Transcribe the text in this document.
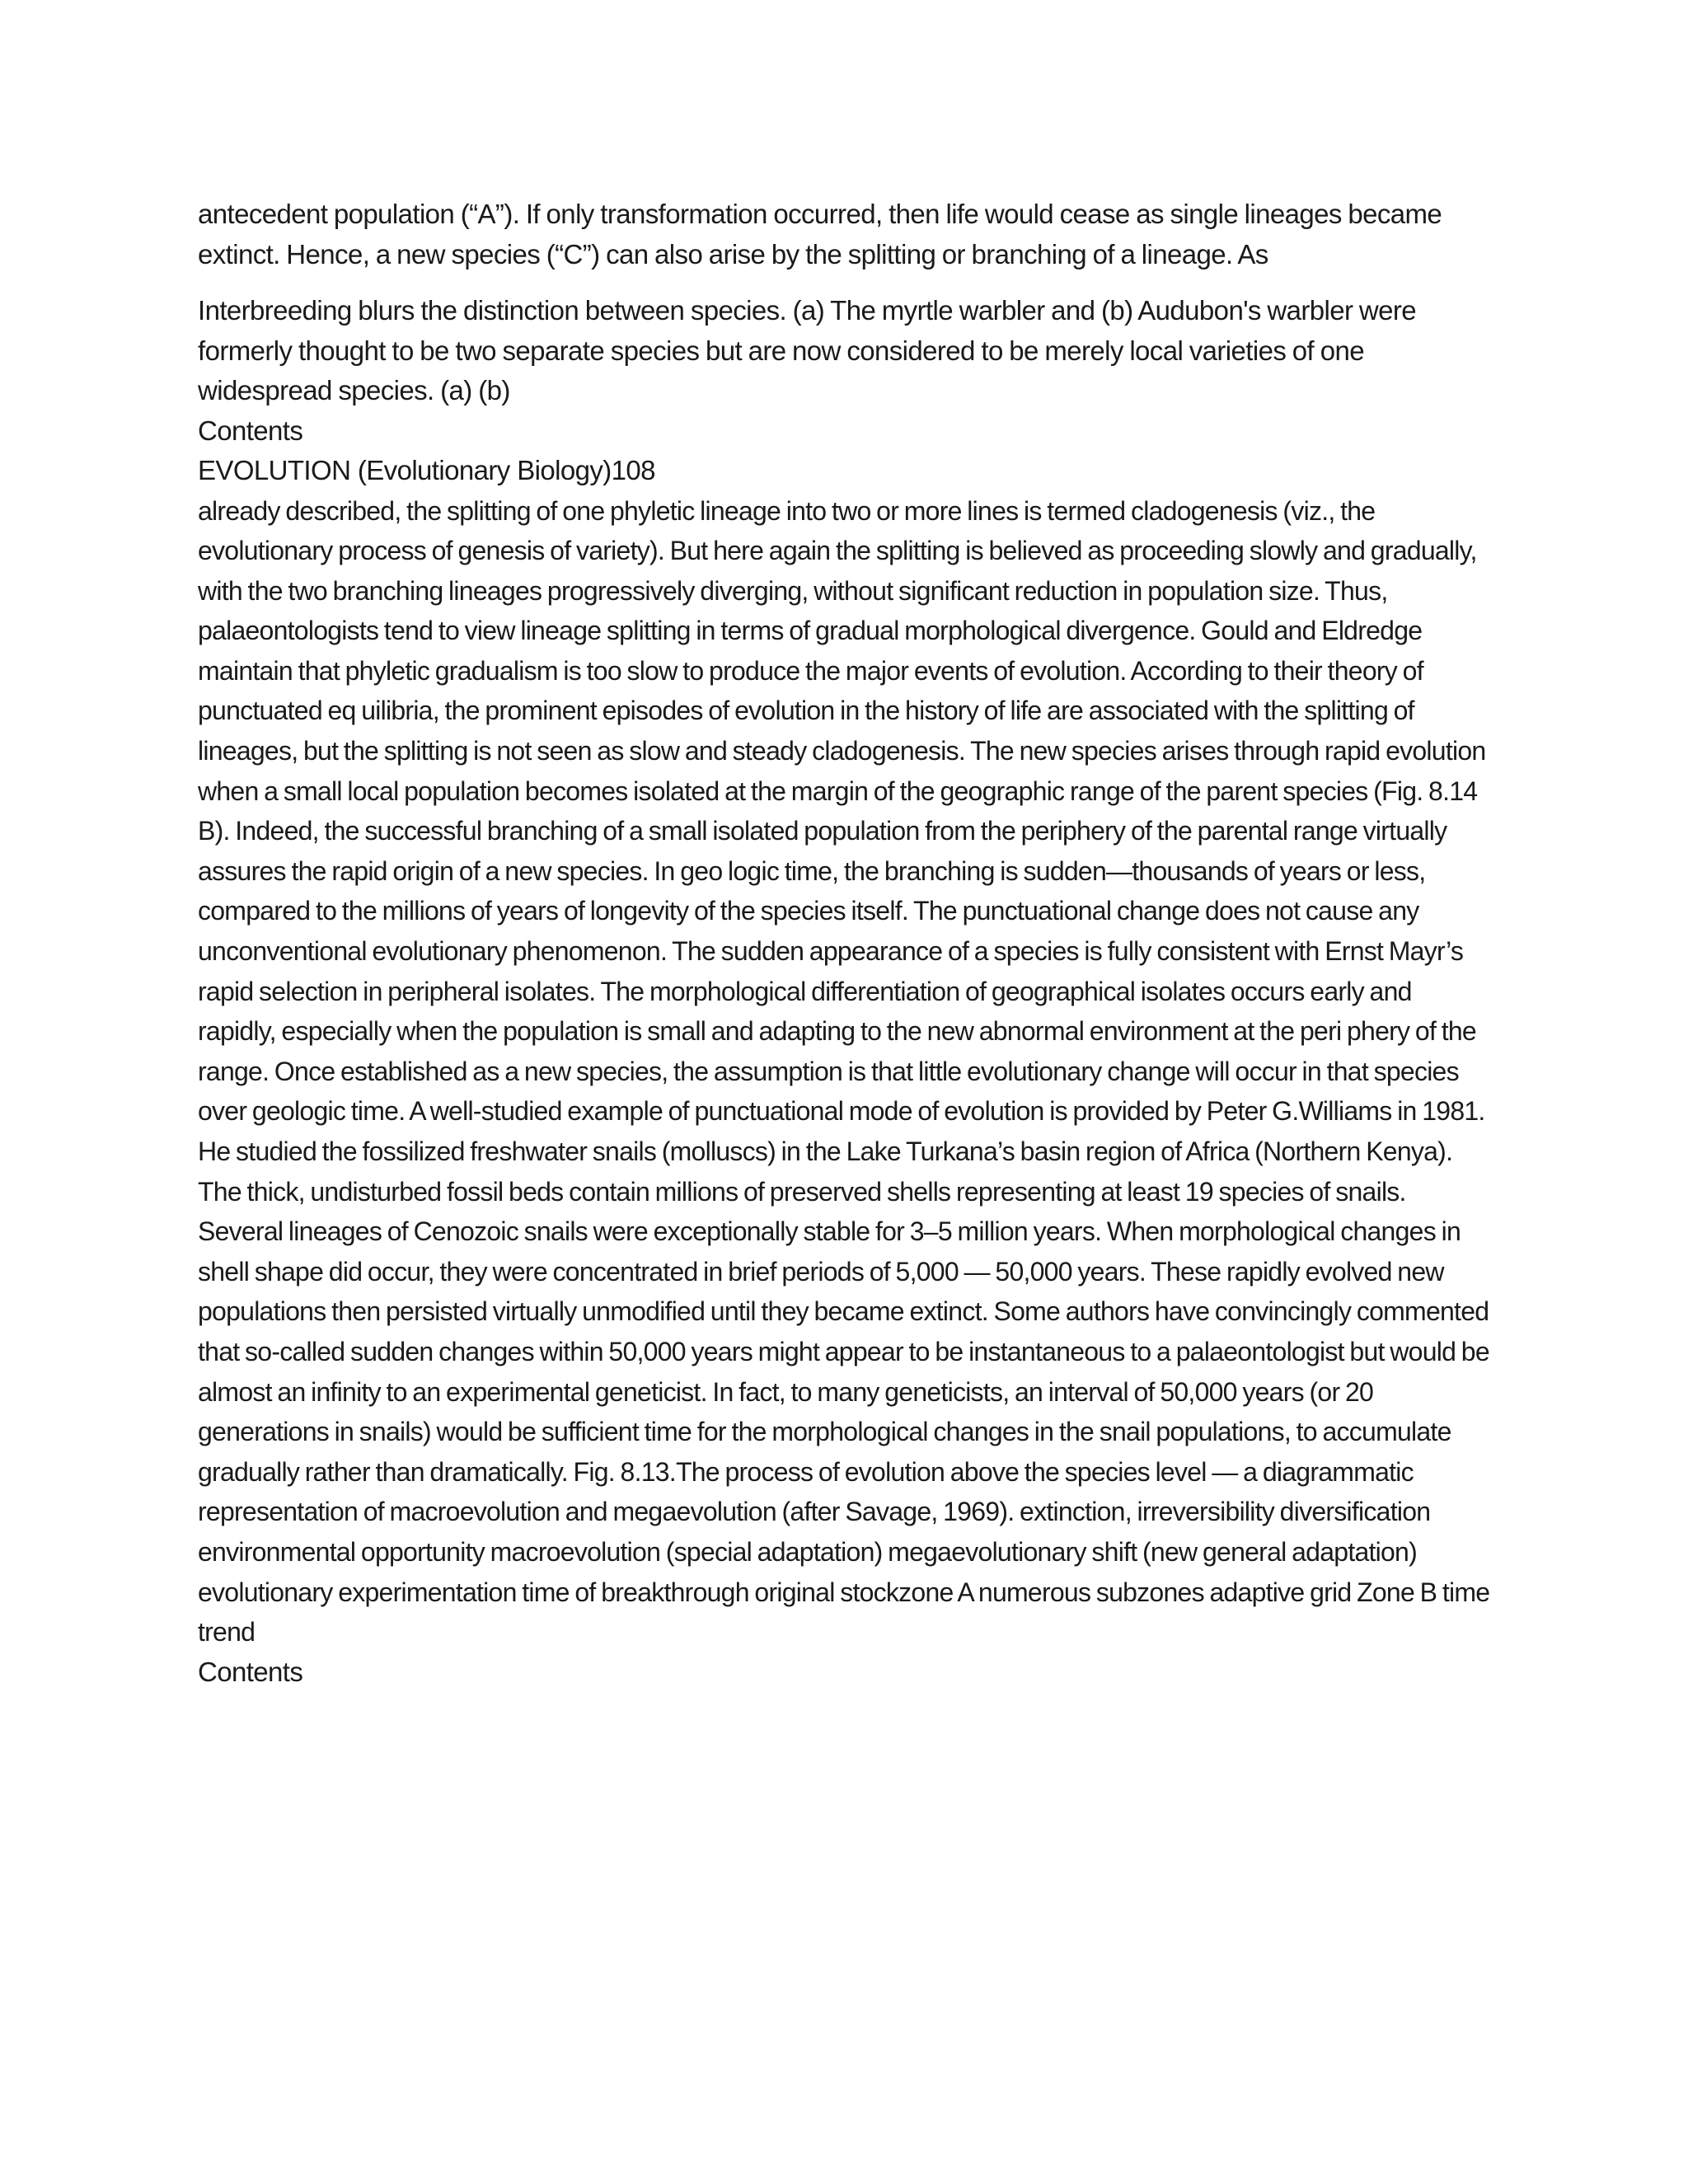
antecedent population (“A”). If only transformation occurred, then life would cease as single lineages became extinct. Hence, a new species (“C”) can also arise by the splitting or branching of a lineage. As

Interbreeding blurs the distinction between species. (a) The myrtle warbler and (b) Audubon's warbler were formerly thought to be two separate species but are now considered to be merely local varieties of one widespread species. (a) (b)

Contents

EVOLUTION (Evolutionary Biology)108

already described, the splitting of one phyletic lineage into two or more lines is termed cladogenesis (viz., the evolutionary process of genesis of variety). But here again the splitting is believed as proceeding slowly and gradually, with the two branching lineages progressively diverging, without significant reduction in population size. Thus, palaeontologists tend to view lineage splitting in terms of gradual morphological divergence. Gould and Eldredge maintain that phyletic gradualism is too slow to produce the major events of evolution. According to their theory of punctuated eq uilibria, the prominent episodes of evolution in the history of life are associated with the splitting of lineages, but the splitting is not seen as slow and steady cladogenesis. The new species arises through rapid evolution when a small local population becomes isolated at the margin of the geographic range of the parent species (Fig. 8.14 B). Indeed, the successful branching of a small isolated population from the periphery of the parental range virtually assures the rapid origin of a new species. In geo logic time, the branching is sudden—thousands of years or less, compared to the millions of years of longevity of the species itself. The punctuational change does not cause any unconventional evolutionary phenomenon. The sudden appearance of a species is fully consistent with Ernst Mayr’s rapid selection in peripheral isolates. The morphological differentiation of geographical isolates occurs early and rapidly, especially when the population is small and adapting to the new abnormal environment at the peri phery of the range. Once established as a new species, the assumption is that little evolutionary change will occur in that species over geologic time. A well-studied example of punctuational mode of evolution is provided by Peter G.Williams in 1981. He studied the fossilized freshwater snails (molluscs) in the Lake Turkana’s basin region of Africa (Northern Kenya). The thick, undisturbed fossil beds contain millions of preserved shells representing at least 19 species of snails. Several lineages of Cenozoic snails were exceptionally stable for 3–5 million years. When morphological changes in shell shape did occur, they were concentrated in brief periods of 5,000 — 50,000 years. These rapidly evolved new populations then persisted virtually unmodified until they became extinct. Some authors have convincingly commented that so-called sudden changes within 50,000 years might appear to be instantaneous to a palaeontologist but would be almost an infinity to an experimental geneticist. In fact, to many geneticists, an interval of 50,000 years (or 20 generations in snails) would be sufficient time for the morphological changes in the snail populations, to accumulate gradually rather than dramatically. Fig. 8.13.The process of evolution above the species level — a diagrammatic representation of macroevolution and megaevolution (after Savage, 1969). extinction, irreversibility diversification environmental opportunity macroevolution (special adaptation) megaevolutionary shift (new general adaptation) evolutionary experimentation time of breakthrough original stockzone A numerous subzones adaptive grid Zone B time trend

Contents
